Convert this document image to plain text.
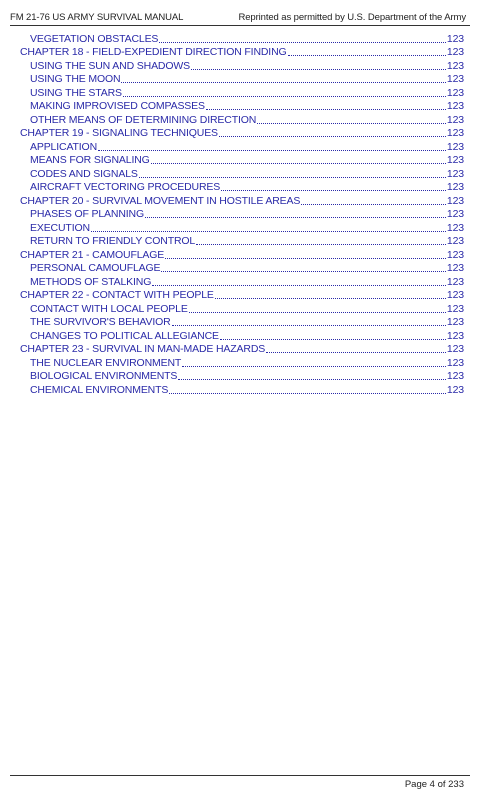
FM 21-76 US ARMY SURVIVAL MANUAL	Reprinted as permitted by U.S. Department of the Army
VEGETATION OBSTACLES	123
CHAPTER 18 - FIELD-EXPEDIENT DIRECTION FINDING	123
USING THE SUN AND SHADOWS	123
USING THE MOON	123
USING THE STARS	123
MAKING IMPROVISED COMPASSES	123
OTHER MEANS OF DETERMINING DIRECTION	123
CHAPTER 19 - SIGNALING TECHNIQUES	123
APPLICATION	123
MEANS FOR SIGNALING	123
CODES AND SIGNALS	123
AIRCRAFT VECTORING PROCEDURES	123
CHAPTER 20 - SURVIVAL MOVEMENT IN HOSTILE AREAS	123
PHASES OF PLANNING	123
EXECUTION	123
RETURN TO FRIENDLY CONTROL	123
CHAPTER 21 - CAMOUFLAGE	123
PERSONAL CAMOUFLAGE	123
METHODS OF STALKING	123
CHAPTER 22 - CONTACT WITH PEOPLE	123
CONTACT WITH LOCAL PEOPLE	123
THE SURVIVOR'S BEHAVIOR	123
CHANGES TO POLITICAL ALLEGIANCE	123
CHAPTER 23 - SURVIVAL IN MAN-MADE HAZARDS	123
THE NUCLEAR ENVIRONMENT	123
BIOLOGICAL ENVIRONMENTS	123
CHEMICAL ENVIRONMENTS	123
Page 4 of 233
